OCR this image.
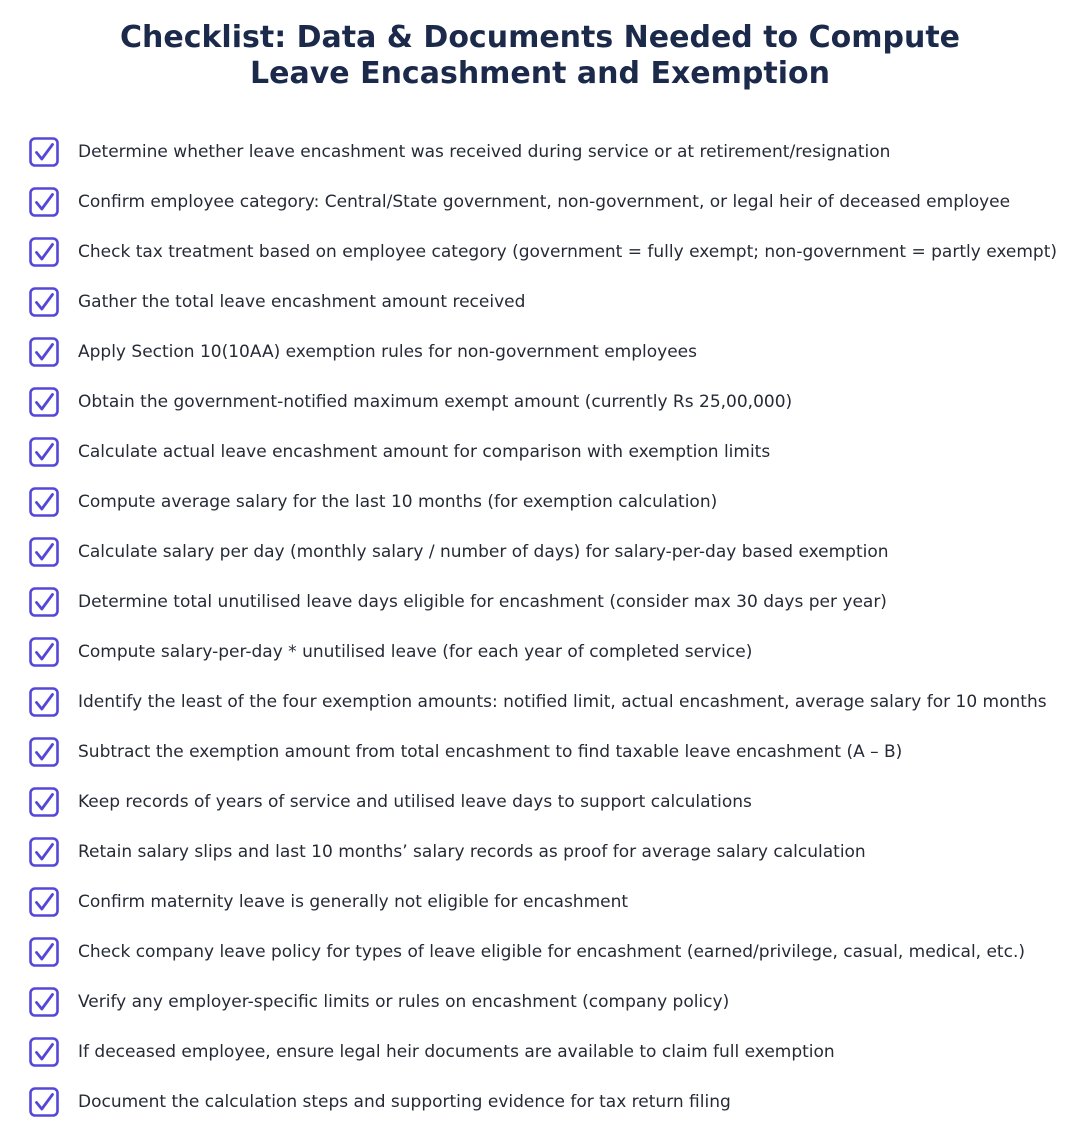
Checklist: Data & Documents Needed to Compute
Leave Encashment and Exemption
Determine whether leave encashment was received during service or at retirement/resignation
Confirm employee category: Central/State government, non-government, or legal heir of deceased employee
Check tax treatment based on employee category (government = fully exempt; non-government = partly exempt)
Gather the total leave encashment amount received
Apply Section 10(10AA) exemption rules for non-government employees
Obtain the government-notified maximum exempt amount (currently Rs 25,00,000)
Calculate actual leave encashment amount for comparison with exemption limits
Compute average salary for the last 10 months (for exemption calculation)
Calculate salary per day (monthly salary / number of days) for salary-per-day based exemption
Determine total unutilised leave days eligible for encashment (consider max 30 days per year)
Compute salary-per-day * unutilised leave (for each year of completed service)
Identify the least of the four exemption amounts: notified limit, actual encashment, average salary for 10 months
Subtract the exemption amount from total encashment to find taxable leave encashment (A – B)
Keep records of years of service and utilised leave days to support calculations
Retain salary slips and last 10 months’ salary records as proof for average salary calculation
Confirm maternity leave is generally not eligible for encashment
Check company leave policy for types of leave eligible for encashment (earned/privilege, casual, medical, etc.)
Verify any employer-specific limits or rules on encashment (company policy)
If deceased employee, ensure legal heir documents are available to claim full exemption
Document the calculation steps and supporting evidence for tax return filing
